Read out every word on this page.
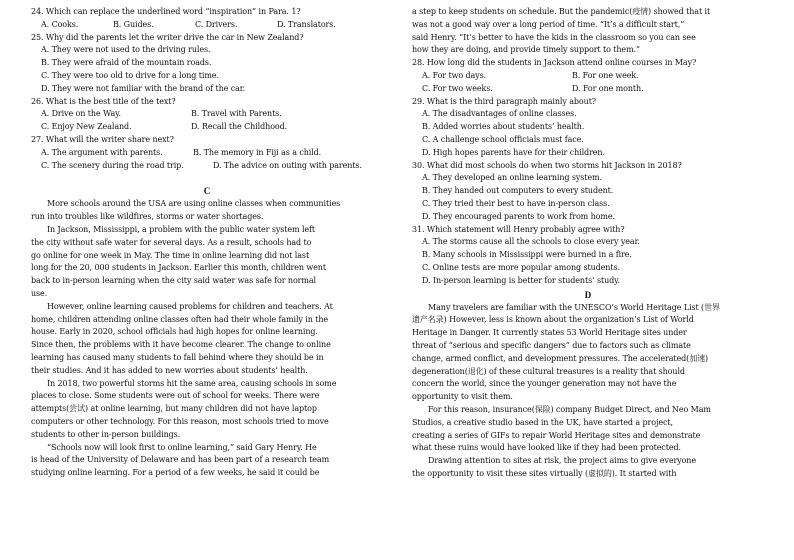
24. Which can replace the underlined word “inspiration” in Para. 1?
A. Cooks.	B. Guides.	C. Drivers.	D. Translators.
25. Why did the parents let the writer drive the car in New Zealand?
A. They were not used to the driving rules.
B. They were afraid of the mountain roads.
C. They were too old to drive for a long time.
D. They were not familiar with the brand of the car.
26. What is the best title of the text?
A. Drive on the Way.	B. Travel with Parents.
C. Enjoy New Zealand.	D. Recall the Childhood.
27. What will the writer share next?
A. The argument with parents.	B. The memory in Fiji as a child.
C. The scenery during the road trip.	D. The advice on outing with parents.
C
More schools around the USA are using online classes when communities
run into troubles like wildfires, storms or water shortages.
In Jackson, Mississippi, a problem with the public water system left
the city without safe water for several days. As a result, schools had to
go online for one week in May. The time in online learning did not last
long for the 20, 000 students in Jackson. Earlier this month, children went
back to in-person learning when the city said water was safe for normal
use.
However, online learning caused problems for children and teachers. At
home, children attending online classes often had their whole family in the
house. Early in 2020, school officials had high hopes for online learning.
Since then, the problems with it have become clearer. The change to online
learning has caused many students to fall behind where they should be in
their studies. And it has added to new worries about students’ health.
In 2018, two powerful storms hit the same area, causing schools in some
places to close. Some students were out of school for weeks. There were
attempts(尝试) at online learning, but many children did not have laptop
computers or other technology. For this reason, most schools tried to move
students to other in-person buildings.
“Schools now will look first to online learning,” said Gary Henry. He
is head of the University of Delaware and has been part of a research team
studying online learning. For a period of a few weeks, he said it could be
a step to keep students on schedule. But the pandemic(疫情) showed that it
was not a good way over a long period of time. “It’s a difficult start,”
said Henry. “It’s better to have the kids in the classroom so you can see
how they are doing, and provide timely support to them.”
28. How long did the students in Jackson attend online courses in May?
A. For two days.	B. For one week.
C. For two weeks.	D. For one month.
29. What is the third paragraph mainly about?
A. The disadvantages of online classes.
B. Added worries about students’ health.
C. A challenge school officials must face.
D. High hopes parents have for their children.
30. What did most schools do when two storms hit Jackson in 2018?
A. They developed an online learning system.
B. They handed out computers to every student.
C. They tried their best to have in-person class.
D. They encouraged parents to work from home.
31. Which statement will Henry probably agree with?
A. The storms cause all the schools to close every year.
B. Many schools in Mississippi were burned in a fire.
C. Online tests are more popular among students.
D. In-person learning is better for students’ study.
D
Many travelers are familiar with the UNESCO’s World Heritage List (世界
遗产名录) However, less is known about the organization’s List of World
Heritage in Danger. It currently states 53 World Heritage sites under
threat of “serious and specific dangers” due to factors such as climate
change, armed conflict, and development pressures. The accelerated(加速)
degeneration(退化) of these cultural treasures is a reality that should
concern the world, since the younger generation may not have the
opportunity to visit them.
For this reason, insurance(保险) company Budget Direct, and Neo Mam
Studios, a creative studio based in the UK, have started a project,
creating a series of GIFs to repair World Heritage sites and demonstrate
what these ruins would have looked like if they had been protected.
Drawing attention to sites at risk, the project aims to give everyone
the opportunity to visit these sites virtually (虚拟的). It started with
